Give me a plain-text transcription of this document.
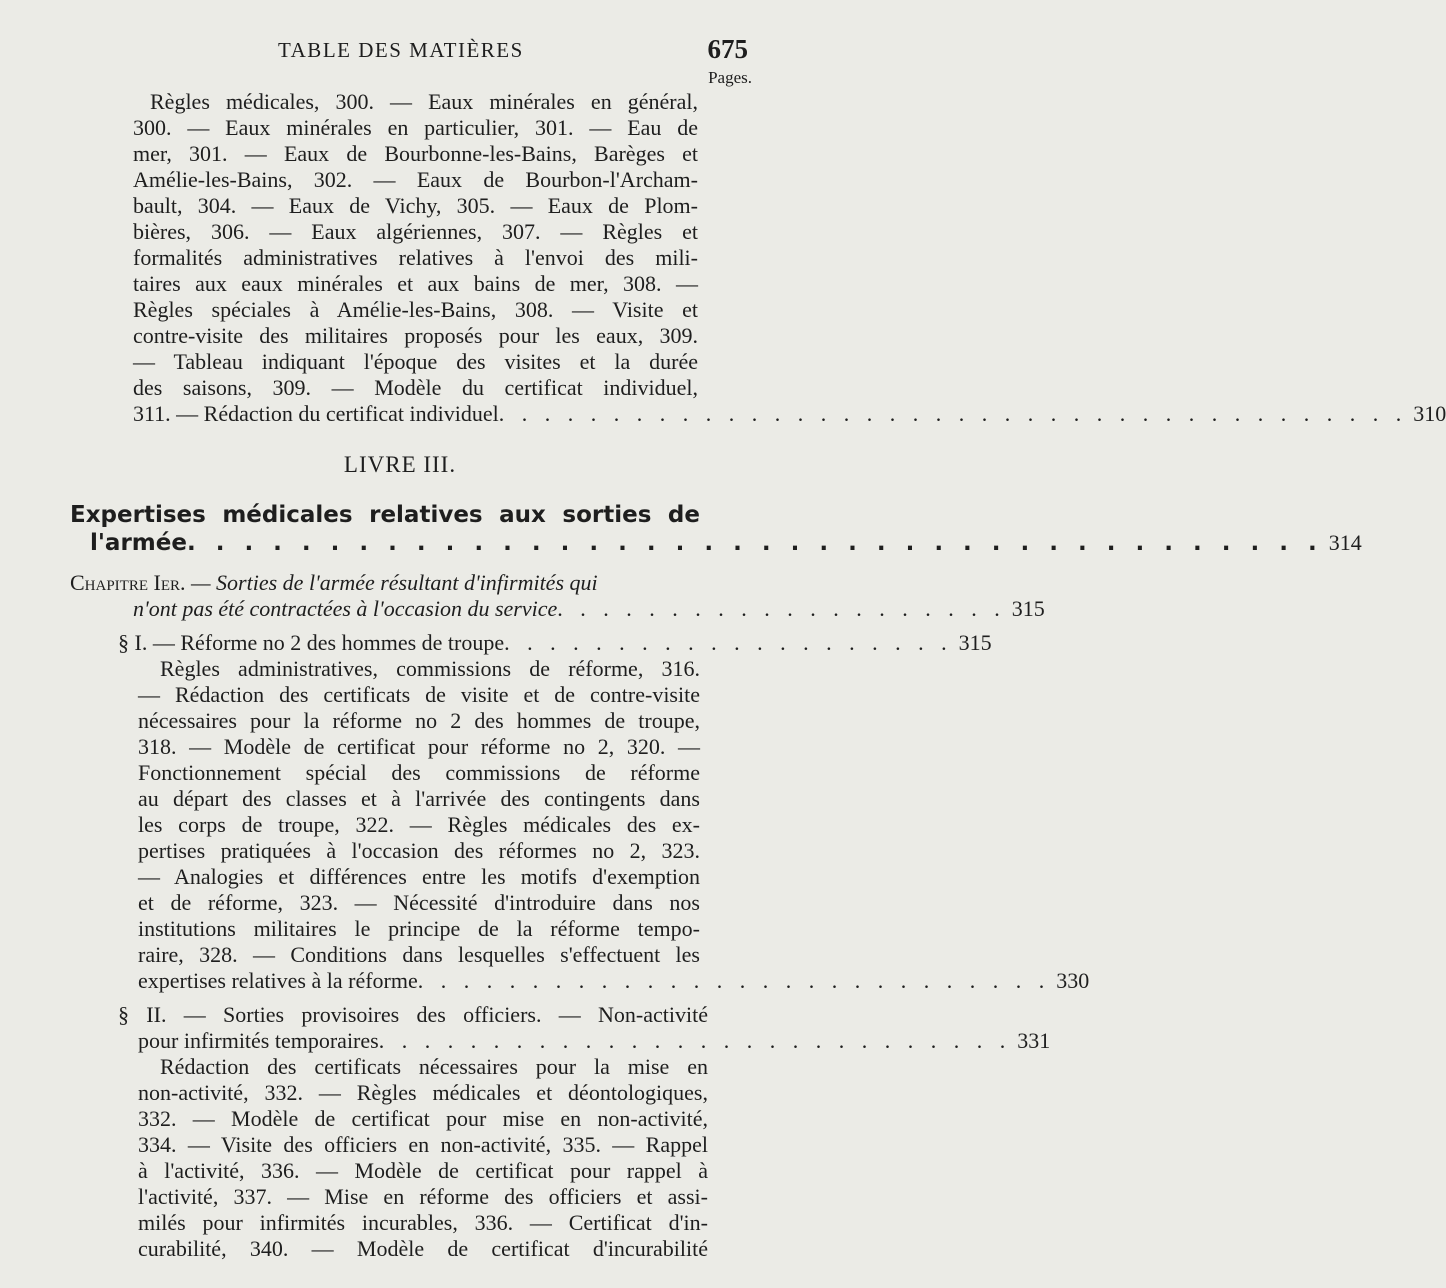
TABLE DES MATIÈRES	675
Pages.
Règles médicales, 300. — Eaux minérales en général,
300. — Eaux minérales en particulier, 301. — Eau de
mer, 301. — Eaux de Bourbonne-les-Bains, Barèges et
Amélie-les-Bains, 302. — Eaux de Bourbon-l'Archam-
bault, 304. — Eaux de Vichy, 305. — Eaux de Plom-
bières, 306. — Eaux algériennes, 307. — Règles et
formalités administratives relatives à l'envoi des mili-
taires aux eaux minérales et aux bains de mer, 308. —
Règles spéciales à Amélie-les-Bains, 308. — Visite et
contre-visite des militaires proposés pour les eaux, 309.
— Tableau indiquant l'époque des visites et la durée
des saisons, 309. — Modèle du certificat individuel,
311. — Rédaction du certificat individuel . . . . . . . . . . . . . . . . . . . . . . . . . . . . . . . . . . . . . . . . 310
LIVRE III.
Expertises médicales relatives aux sorties de
l'armée . . . . . . . . . . . . . . . . . . . . . . . . . . . . . . . . . . . . . . . . 314
Chapitre Ier. — Sorties de l'armée résultant d'infirmités qui
n'ont pas été contractées à l'occasion du service . . . . . . . . . . . . . . . . . . . . 315
§ I. — Réforme no 2 des hommes de troupe . . . . . . . . . . . . . . . . . . . . 315
Règles administratives, commissions de réforme, 316.
— Rédaction des certificats de visite et de contre-visite
nécessaires pour la réforme no 2 des hommes de troupe,
318. — Modèle de certificat pour réforme no 2, 320. —
Fonctionnement spécial des commissions de réforme
au départ des classes et à l'arrivée des contingents dans
les corps de troupe, 322. — Règles médicales des ex-
pertises pratiquées à l'occasion des réformes no 2, 323.
— Analogies et différences entre les motifs d'exemption
et de réforme, 323. — Nécessité d'introduire dans nos
institutions militaires le principe de la réforme tempo-
raire, 328. — Conditions dans lesquelles s'effectuent les
expertises relatives à la réforme . . . . . . . . . . . . . . . . . . . . . . . . . . . . 330
§ II. — Sorties provisoires des officiers. — Non-activité
pour infirmités temporaires . . . . . . . . . . . . . . . . . . . . . . . . . . . . 331
Rédaction des certificats nécessaires pour la mise en
non-activité, 332. — Règles médicales et déontologiques,
332. — Modèle de certificat pour mise en non-activité,
334. — Visite des officiers en non-activité, 335. — Rappel
à l'activité, 336. — Modèle de certificat pour rappel à
l'activité, 337. — Mise en réforme des officiers et assi-
milés pour infirmités incurables, 336. — Certificat d'in-
curabilité, 340. — Modèle de certificat d'incurabilité
